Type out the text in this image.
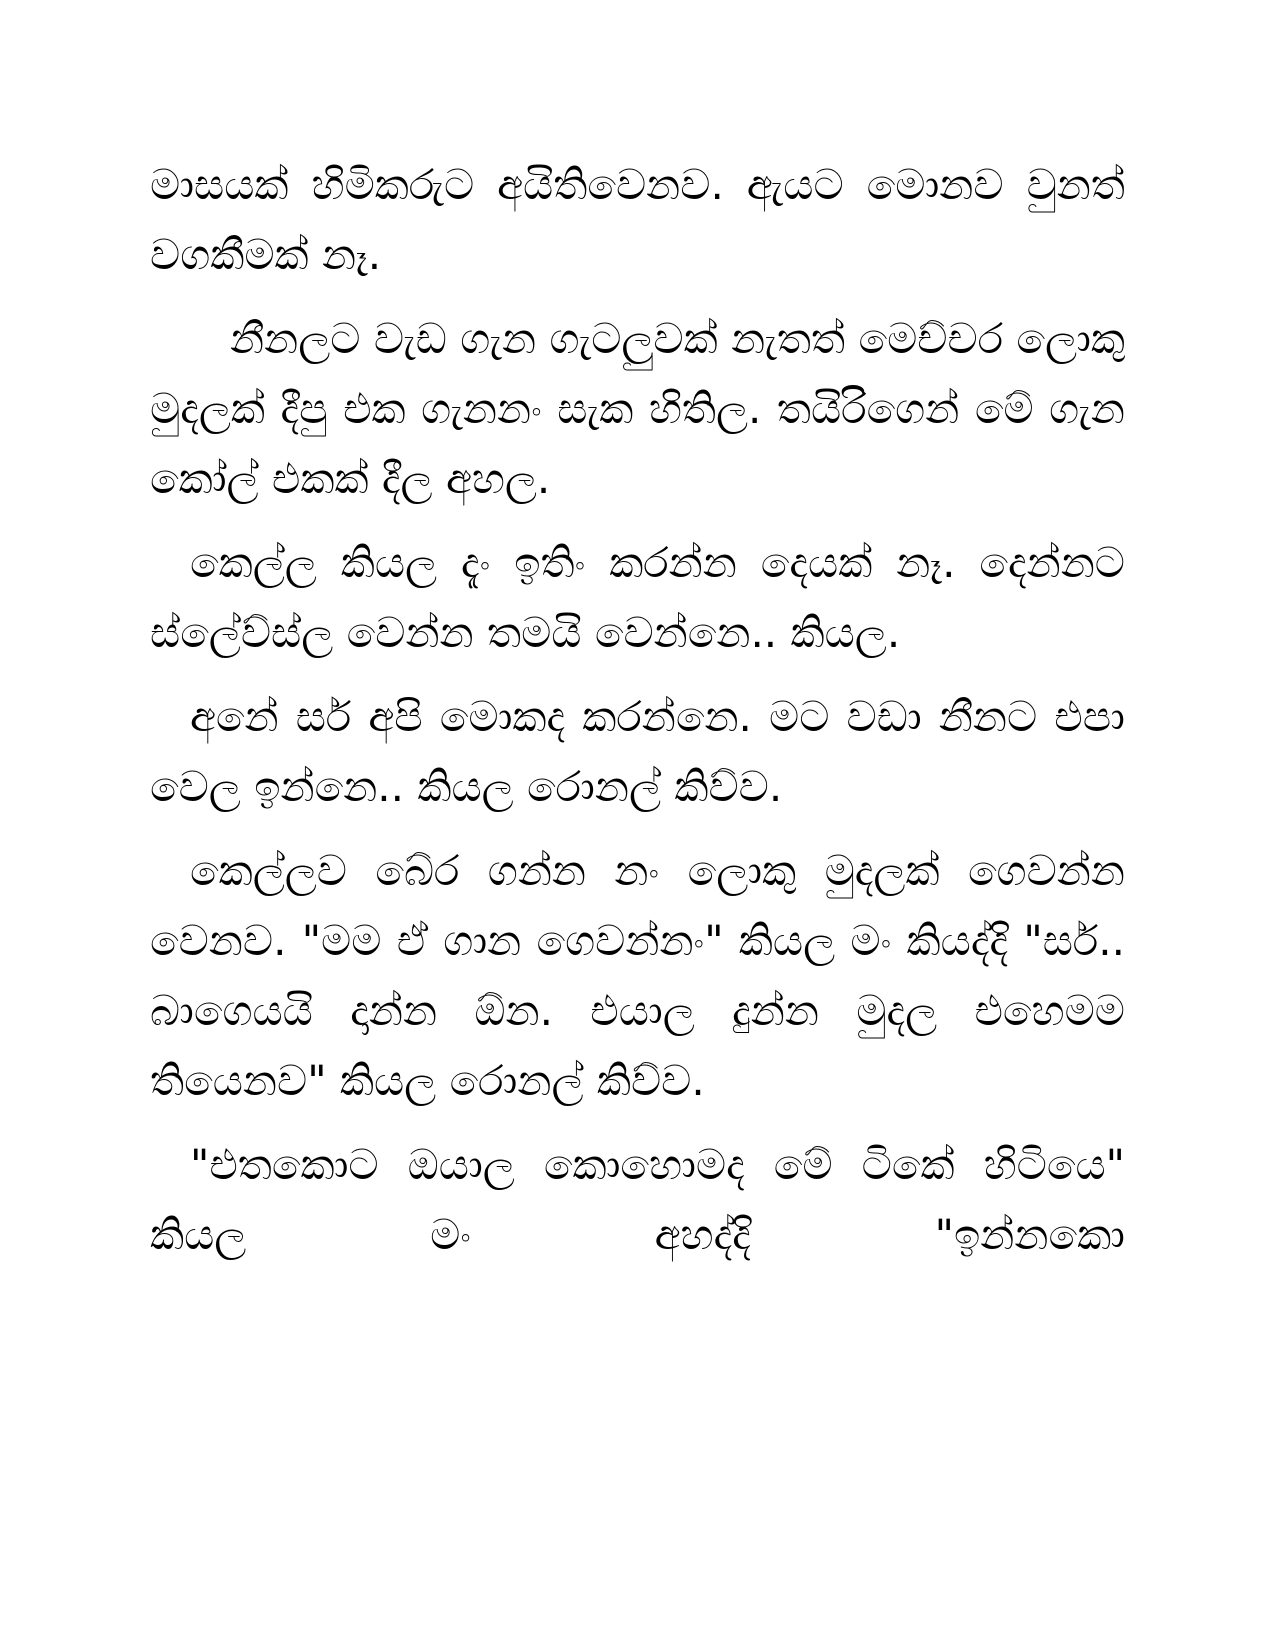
මාසයක් හිමිකරුට අයිතිවෙනව. ඇයට මොනව වුනත් වගකීමක් නෑ.

නීනලට වැඩ ගැන ගැටලුවක් නැතත් මෙච්චර ලොකු මුදලක් දීපු එක ගැනනං සැක හිතිල. තයිරිගෙන් මේ ගැන කෝල් එකක් දීල අහල.

කෙල්ල කියල දැං ඉතිං කරන්න දෙයක් නෑ. දෙන්නට ස්ලේව්ස්ල වෙන්න තමයි වෙන්නෙ.. කියල.

අනේ සර් අපි මොකද කරන්නෙ. මට වඩා නීනට එපා වෙල ඉන්නෙ.. කියල රොනල් කිව්ව.

කෙල්ලව බේර ගන්න නං ලොකු මුදලක් ගෙවන්න වෙනව. "මම ඒ ගාන ගෙවන්නං" කියල මං කියද්දි "සර්.. බාගෙයයි දාන්න ඕන. එයාල දුන්න මුදල එහෙමම තියෙනව" කියල රොනල් කිව්ව.

"එතකොට ඔයාල කොහොමද මේ ටිකේ හිටියෙ" කියල මං අහද්දි "ඉන්නකො
